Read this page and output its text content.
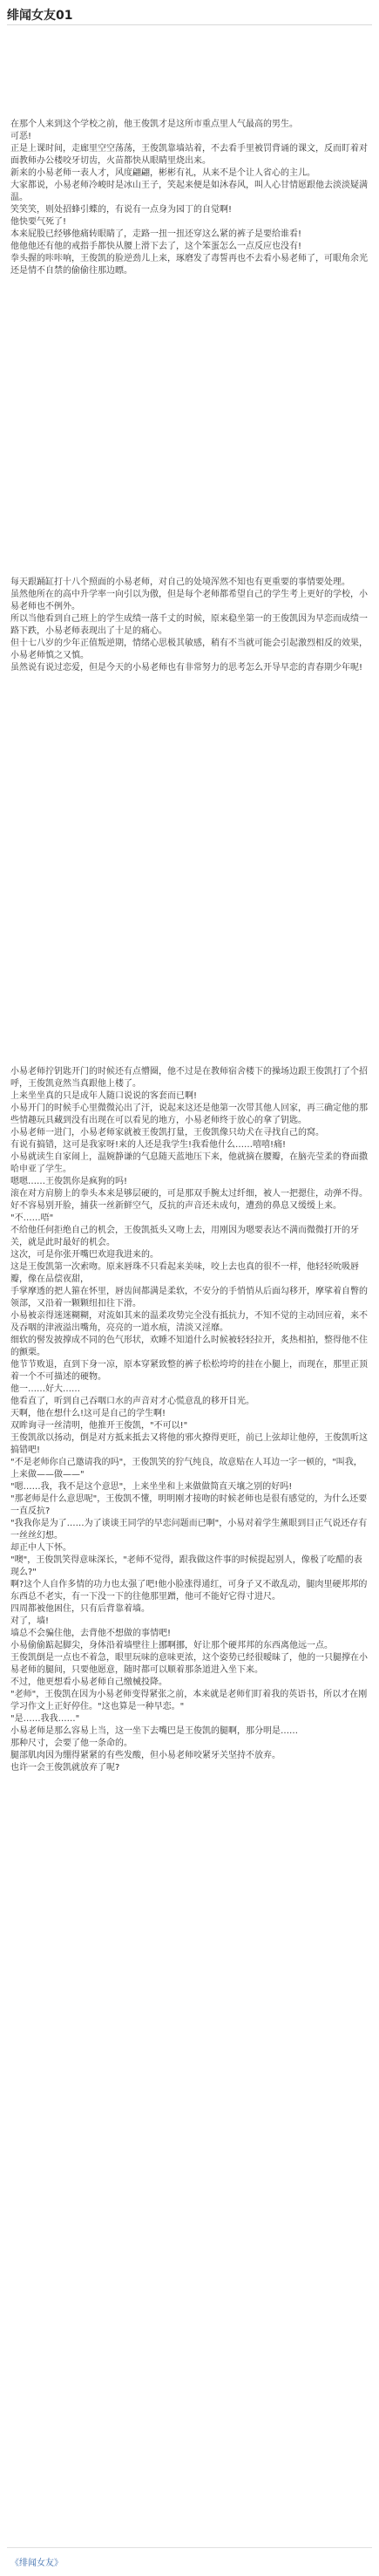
绯闻女友01

在那个人来到这个学校之前，他王俊凯才是这所市重点里人气最高的男生。

可恶!

正是上课时间，走廊里空空荡荡，王俊凯靠墙站着，不去看手里被罚背诵的课文，反而盯着对面教师办公楼咬牙切齿，火苗都快从眼睛里烧出来。

新来的小易老师一表人才，风度翩翩，彬彬有礼，从来不是个让人省心的主儿。

大家都说，小易老师冷峻时是冰山王子，笑起来便是如沐春风，叫人心甘情愿跟他去淡淡疑满温。

笑笑笑，则处招蜂引蝶的，有说有一点身为园丁的自觉啊!

他快要气死了!

本来屁股已经够他痛转眼睛了，走路一扭一扭还穿这么紧的裤子是要给谁看!

他他他还有他的戒指手都快从腰上滑下去了，这个笨蛋怎么一点反应也没有!

拳头握的咔咔响，王俊凯的脸逆劲儿上来，琢磨发了毒誓再也不去看小易老师了，可眼角余光还是情不自禁的偷偷往那边瞟。

每天跟踊缸打十八个照面的小易老师，对自己的处境浑然不知也有更重要的事情要处理。

虽然他所在的高中升学率一向引以为傲，但是每个老师都希望自己的学生考上更好的学校，小易老师也不例外。

所以当他看到自己班上的学生成绩一落千丈的时候，原来稳坐第一的王俊凯因为早恋而成绩一路下跌，小易老师表现出了十足的痛心。

但十七八岁的少年正值叛逆期，情绪心思极其敏感，稍有不当就可能会引起激烈相反的效果，小易老师慎之又慎。

虽然说有说过恋爱，但是今天的小易老师也有非常努力的思考怎么开导早恋的青春期少年呢!

小易老师拧钥匙开门的时候还有点懵圈，他不过是在教师宿舍楼下的操场边跟王俊凯打了个招呼，王俊凯竟然当真跟他上楼了。

上来坐坐真的只是成年人随口说说的客套而已啊!

小易开门的时候手心里微微沁出了汗，说起来这还是他第一次带其他人回家，再三确定他的那些情趣玩具藏到没有出现在可以看见的地方，小易老师终于放心的拿了钥匙。

小易老师一进门，小易老师家就被王俊凯打量，王俊凯像只幼犬在寻找自己的窝。

有说有搞错，这可是我家呀!来的人还是我学生!我看他什么……嘻嘻!痛!

小易就读生自家闹上，温婉静谦的气息随天蓝地压下来，他就摘在腰瓣，在脑壳莹柔的脊面撒哈申亚了学生。

嗯嗯……王俊凯你是疯狗的吗!

滚在对方肩膀上的拳头本来是够层硬的，可是那双手腕太过纤细，被人一把摁住，动弹不得。

好不容易别开脸，捕获一丝新鲜空气，反抗的声音还未成句，遭劲的鼻息又缓缓上来。

"不……唔"

不给他任何拒绝自己的机会，王俊凯抵头又吻上去，用刚因为嗯要表达不满而微微打开的牙关，就是此时最好的机会。

这次，可是你张开嘴巴欢迎我进来的。

这是王俊凯第一次索吻。原来唇珠不只看起来美味，咬上去也真的很不一样，他轻轻吮吸唇瓣，像在品偿夜甜，

手掌摩透的把人箍在怀里，唇齿间都满是柔软，不安分的手悄悄从后面勾移开，摩挲着自瞥的领部，又沿着一颗颗纽扣往下滑。

小易被亲得迷迷糊糊，对流如其来的温柔攻势完全没有抵抗力，不知不觉的主动回应着，来不及吞咽的津液溢出嘴角，亮亮的一道水痕，清淡又淫靡。

细软的髻发披撑成不同的色气形状，欢睡不知道什么时候被轻轻拉开，炙热相拍，整得他不住的颤栗。

他节节败退，直到下身一凉，原本穿紧致整的裤子松松垮垮的挂在小腿上，而现在，那里正顶着一个不可描述的硬物。

他一……好大……

他看直了，听到自己吞咽口水的声音对才心慌意乱的移开目光。

天啊，他在想什么!这可是自己的学生啊!

双眸询寻一丝清明，他推开王俊凯，"不可以!"

王俊凯欲以扬动，倒是对方抵来抵去又将他的邪火撩得更旺，前已上弦却让他停，王俊凯听这搞错吧!

"不是老师你自己邀请我的吗"，王俊凯笑的狞气纯良，故意贴在人耳边一字一顿的，"叫我，上来做——做——"

"嗯……我，我不是这个意思"，上来坐坐和上来做做简直天壤之别的好吗!

"那老师是什么意思呢"，王俊凯不懂，明明刚才接吻的时候老师也是很有感觉的，为什么还要一直反抗?

"我我你是为了……为了谈谈王同学的早恋问题而已啊"，小易对着学生薰眼到目正气说还存有一丝丝幻想。

却正中人下怀。

"噢"，王俊凯笑得意味深长，"老师不觉得，跟我做这件事的时候提起别人，像极了吃醋的表现么?"

啊?这个人自作多情的功力也太强了吧!他小脸涨得通红，可身子又不敢乱动，腿肉里硬邦邦的东西总不老实，有一下没一下的往他那里蹭，他可不能好它得寸进尺。

四周都被他困住，只有后背靠着墙。

对了，墙!

墙总不会骗住他，去背他不想做的事情吧!

小易偷偷踮起脚尖，身体沿着墙壁往上挪啊挪，好让那个硬邦邦的东西离他远一点。

王俊凯倒是一点也不着急，眼里玩味的意味更浓，这个姿势已经很暧昧了，他的一只腿撑在小易老师的腿间，只要他愿意，随时都可以顺着那条道进入坐下来。

不过，他更想看小易老师自己缴械投降。

"老师"，王俊凯在因为小易老师变得紧张之前，本来就是老师们盯着我的英语书，所以才在刚学习作文上正好停住。"这也算是一种早恋。"

"是……我我……"

小易老师是那么容易上当，这一坐下去嘴巴是王俊凯的腿啊，那分明是……

那种尺寸，会要了他一条命的。

腿部肌肉因为绷得紧紧的有些发酸，但小易老师咬紧牙关坚持不放弃。

也许一会王俊凯就放弃了呢?

《绯闻女友》
